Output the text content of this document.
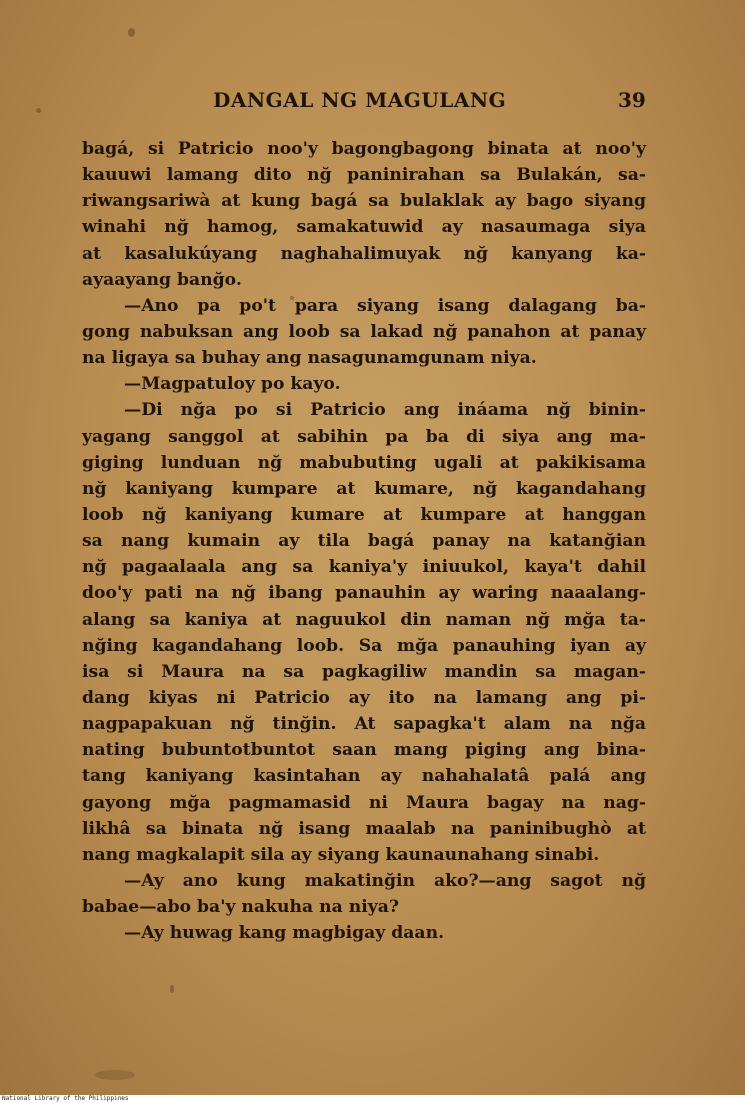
DANGAL NG MAGULANG	39
bagá, si Patricio noo'y bagongbagong binata at noo'y
kauuwi lamang dito nğ paninirahan sa Bulakán, sa-
riwangsariwà at kung bagá sa bulaklak ay bago siyang
winahi nğ hamog, samakatuwid ay nasaumaga siya
at kasalukúyang naghahalimuyak nğ kanyang ka-
ayaayang banğo.
—Ano pa po't para siyang isang dalagang ba-
gong nabuksan ang loob sa lakad nğ panahon at panay
na ligaya sa buhay ang nasagunamgunam niya.
—Magpatuloy po kayo.
—Di nğa po si Patricio ang ináama nğ binin-
yagang sanggol at sabihin pa ba di siya ang ma-
giging lunduan nğ mabubuting ugali at pakikisama
nğ kaniyang kumpare at kumare, nğ kagandahang
loob nğ kaniyang kumare at kumpare at hanggan
sa nang kumain ay tila bagá panay na katanğian
nğ pagaalaala ang sa kaniya'y iniuukol, kaya't dahil
doo'y pati na nğ ibang panauhin ay waring naaalang-
alang sa kaniya at naguukol din naman nğ mğa ta-
nğing kagandahang loob. Sa mğa panauhing iyan ay
isa si Maura na sa pagkagiliw mandin sa magan-
dang kiyas ni Patricio ay ito na lamang ang pi-
nagpapakuan nğ tinğin. At sapagka't alam na nğa
nating bubuntotbuntot saan mang piging ang bina-
tang kaniyang kasintahan ay nahahalatâ palá ang
gayong mğa pagmamasid ni Maura bagay na nag-
likhâ sa binata nğ isang maalab na paninibughò at
nang magkalapit sila ay siyang kaunaunahang sinabi.
—Ay ano kung makatinğin ako?—ang sagot nğ
babae—abo ba'y nakuha na niya?
—Ay huwag kang magbigay daan.
National Library of the Philippines
